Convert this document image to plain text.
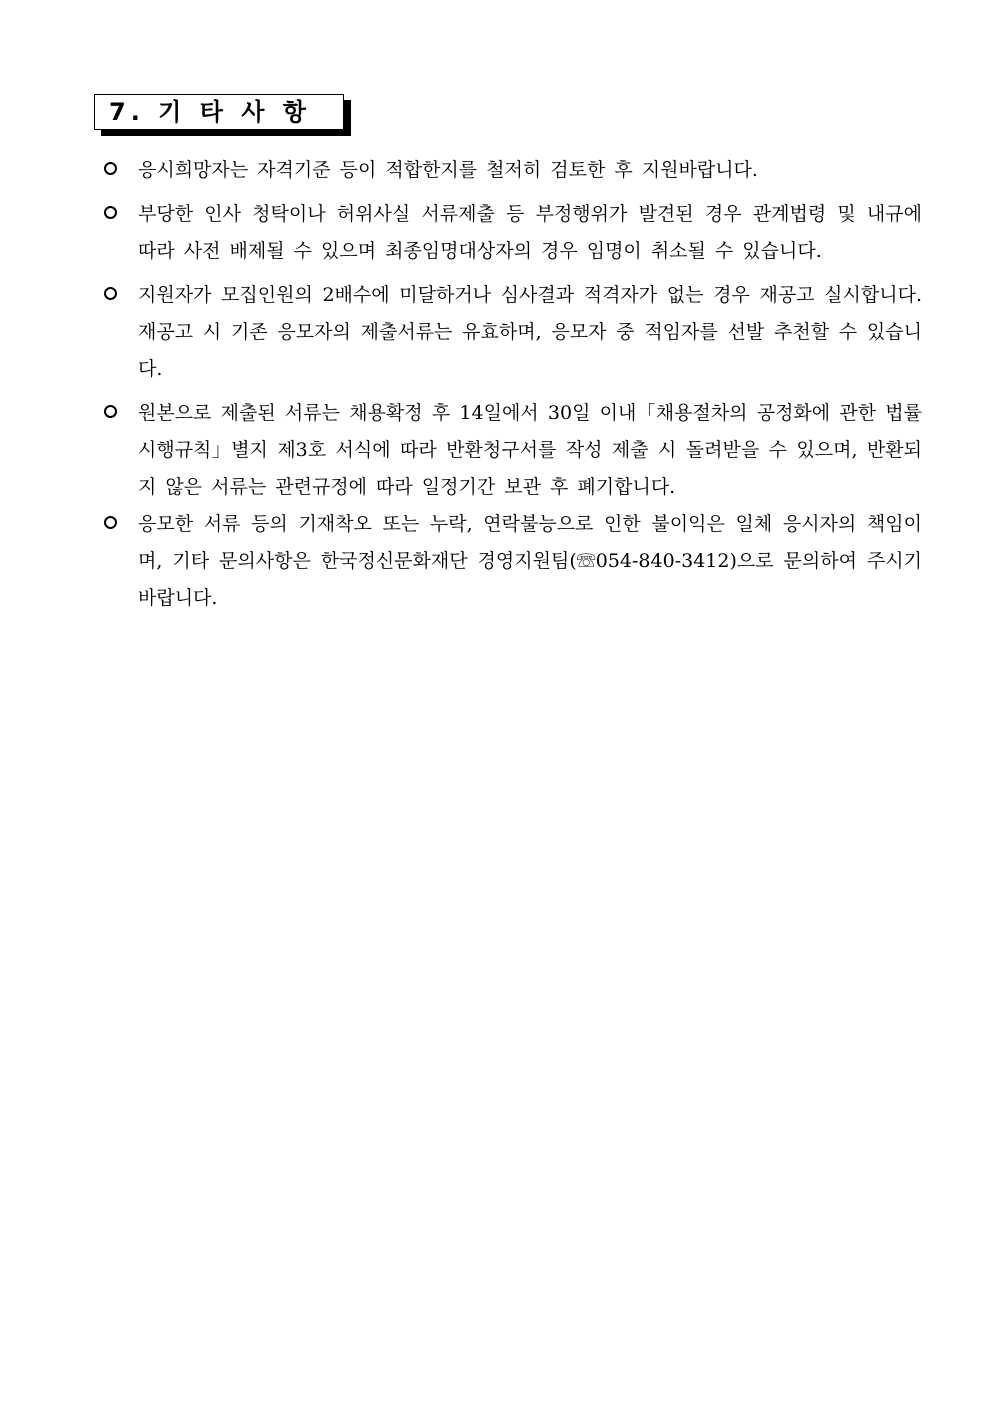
7. 기 타 사 항
응시희망자는 자격기준 등이 적합한지를 철저히 검토한 후 지원바랍니다.
부당한 인사 청탁이나 허위사실 서류제출 등 부정행위가 발견된 경우 관계법령 및 내규에 따라 사전 배제될 수 있으며 최종임명대상자의 경우 임명이 취소될 수 있습니다.
지원자가 모집인원의 2배수에 미달하거나 심사결과 적격자가 없는 경우 재공고 실시합니다. 재공고 시 기존 응모자의 제출서류는 유효하며, 응모자 중 적임자를 선발 추천할 수 있습니다.
원본으로 제출된 서류는 채용확정 후 14일에서 30일 이내「채용절차의 공정화에 관한 법률 시행규칙」별지 제3호 서식에 따라 반환청구서를 작성 제출 시 돌려받을 수 있으며, 반환되지 않은 서류는 관련규정에 따라 일정기간 보관 후 폐기합니다.
응모한 서류 등의 기재착오 또는 누락, 연락불능으로 인한 불이익은 일체 응시자의 책임이며, 기타 문의사항은 한국정신문화재단 경영지원팀(☏054-840-3412)으로 문의하여 주시기 바랍니다.
